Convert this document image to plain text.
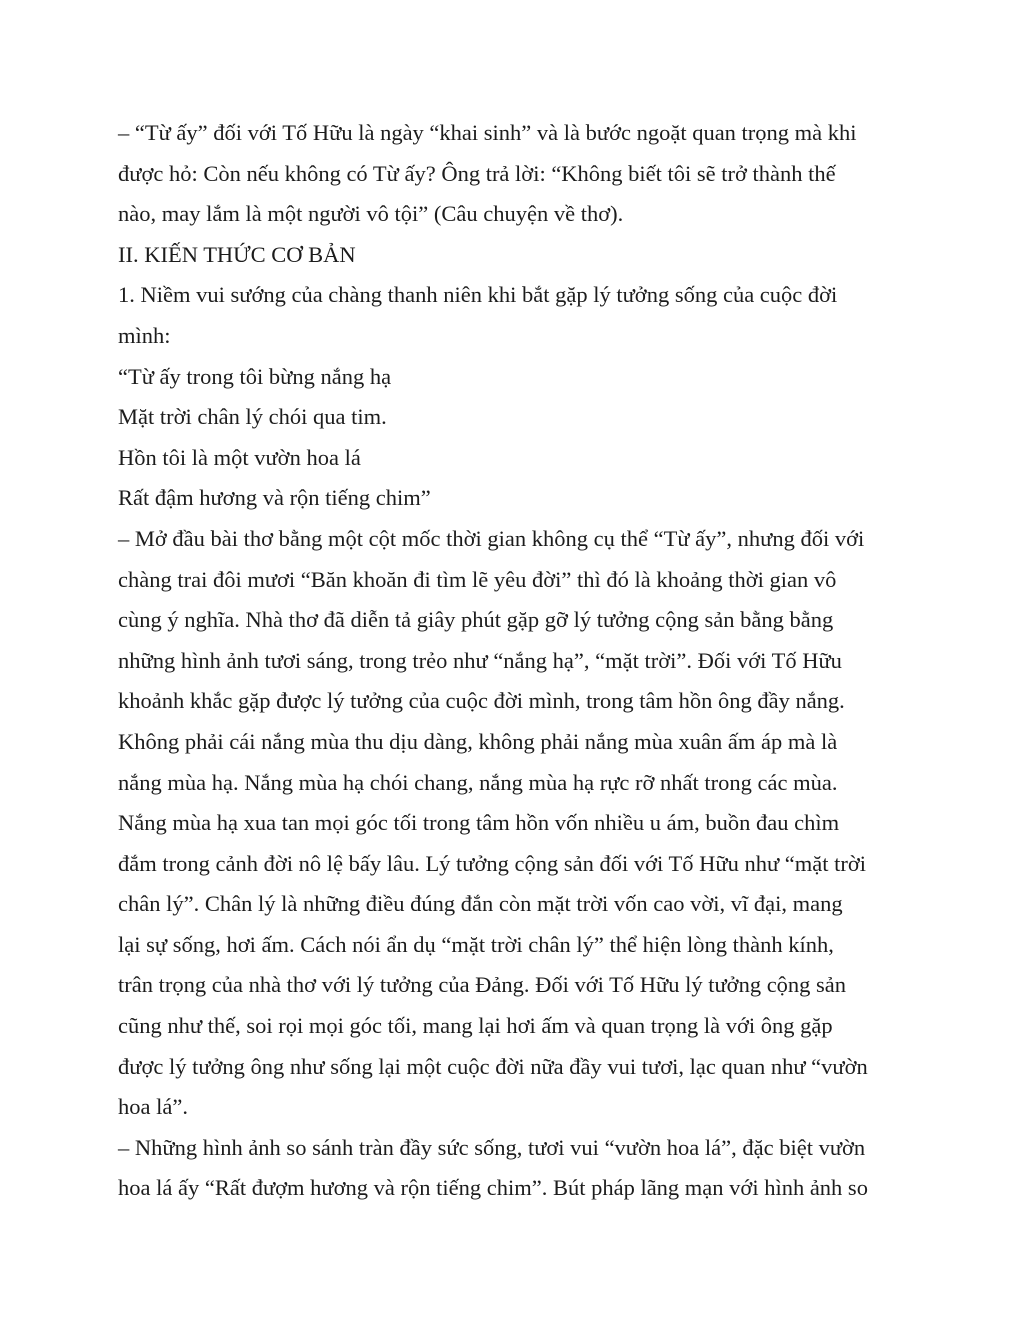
– “Từ ấy” đối với Tố Hữu là ngày “khai sinh” và là bước ngoặt quan trọng mà khi
được hỏ: Còn nếu không có Từ ấy? Ông trả lời: “Không biết tôi sẽ trở thành thế
nào, may lắm là một người vô tội” (Câu chuyện về thơ).
II. KIẾN THỨC CƠ BẢN
1. Niềm vui sướng của chàng thanh niên khi bắt gặp lý tưởng sống của cuộc đời
mình:
“Từ ấy trong tôi bừng nắng hạ
Mặt trời chân lý chói qua tim.
Hồn tôi là một vườn hoa lá
Rất đậm hương và rộn tiếng chim”
– Mở đầu bài thơ bằng một cột mốc thời gian không cụ thể “Từ ấy”, nhưng đối với
chàng trai đôi mươi “Băn khoăn đi tìm lẽ yêu đời” thì đó là khoảng thời gian vô
cùng ý nghĩa. Nhà thơ đã diễn tả giây phút gặp gỡ lý tưởng cộng sản bằng bằng
những hình ảnh tươi sáng, trong trẻo như “nắng hạ”, “mặt trời”. Đối với Tố Hữu
khoảnh khắc gặp được lý tưởng của cuộc đời mình, trong tâm hồn ông đầy nắng.
Không phải cái nắng mùa thu dịu dàng, không phải nắng mùa xuân ấm áp mà là
nắng mùa hạ. Nắng mùa hạ chói chang, nắng mùa hạ rực rỡ nhất trong các mùa.
Nắng mùa hạ xua tan mọi góc tối trong tâm hồn vốn nhiều u ám, buồn đau chìm
đắm trong cảnh đời nô lệ bấy lâu. Lý tưởng cộng sản đối với Tố Hữu như “mặt trời
chân lý”. Chân lý là những điều đúng đắn còn mặt trời vốn cao vời, vĩ đại, mang
lại sự sống, hơi ấm. Cách nói ẩn dụ “mặt trời chân lý” thể hiện lòng thành kính,
trân trọng của nhà thơ với lý tưởng của Đảng. Đối với Tố Hữu lý tưởng cộng sản
cũng như thế, soi rọi mọi góc tối, mang lại hơi ấm và quan trọng là với ông gặp
được lý tưởng ông như sống lại một cuộc đời nữa đầy vui tươi, lạc quan như “vườn
hoa lá”.
– Những hình ảnh so sánh tràn đầy sức sống, tươi vui “vườn hoa lá”, đặc biệt vườn
hoa lá ấy “Rất đượm hương và rộn tiếng chim”. Bút pháp lãng mạn với hình ảnh so
